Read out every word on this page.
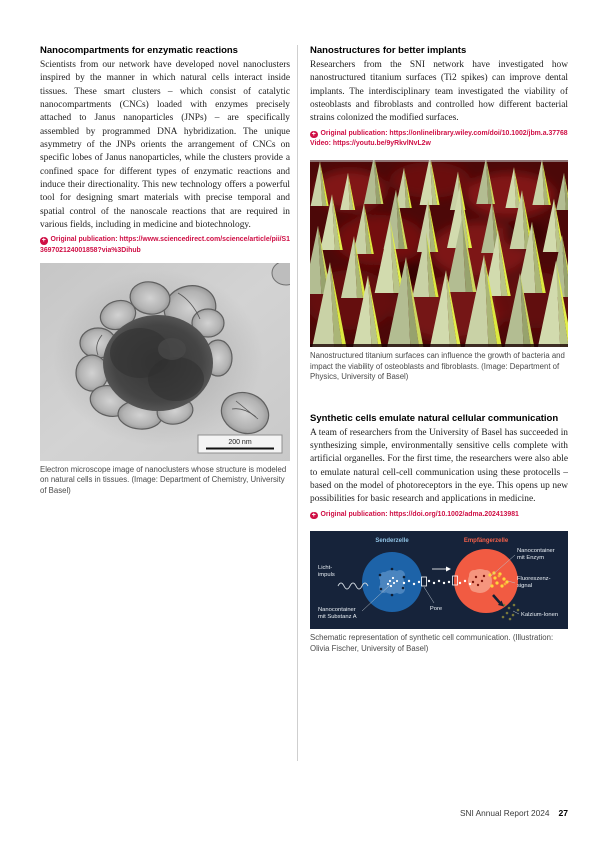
Nanocompartments for enzymatic reactions

Scientists from our network have developed novel nanoclusters inspired by the manner in which natural cells interact inside tissues. These smart clusters – which consist of catalytic nanocompartments (CNCs) loaded with enzymes precisely attached to Janus nanoparticles (JNPs) – are specifically assembled by programmed DNA hybridization. The unique asymmetry of the JNPs orients the arrangement of CNCs on specific lobes of Janus nanoparticles, while the clusters provide a confined space for different types of enzymatic reactions and induce their directionality. This new technology offers a powerful tool for designing smart materials with precise temporal and spatial control of the nanoscale reactions that are required in various fields, including in medicine and biotechnology.

+ Original publication: https://www.sciencedirect.com/science/article/pii/S1369702124001858?via%3Dihub
200 nm
Electron microscope image of nanoclusters whose structure is modeled on natural cells in tissues. (Image: Department of Chemistry, University of Basel)
Nanostructures for better implants

Researchers from the SNI network have investigated how nanostructured titanium surfaces (Ti2 spikes) can improve dental implants. The interdisciplinary team investigated the viability of osteoblasts and fibroblasts and controlled how different bacterial strains colonized the modified surfaces.

+ Original publication: https://onlinelibrary.wiley.com/doi/10.1002/jbm.a.37768
Video: https://youtu.be/9yRkvlNvL2w
Nanostructured titanium surfaces can influence the growth of bacteria and impact the viability of osteoblasts and fibroblasts. (Image: Department of Physics, University of Basel)
Synthetic cells emulate natural cellular communication

A team of researchers from the University of Basel has succeeded in synthesizing simple, environmentally sensitive cells complete with artificial organelles. For the first time, the researchers were also able to emulate natural cell-cell communication using these protocells – based on the model of photoreceptors in the eye. This opens up new possibilities for basic research and applications in medicine.

+ Original publication: https://doi.org/10.1002/adma.202413981
Senderzelle	Empfängerzelle
Licht-
impuls
Nanocontainer
mit Substanz A
Pore
Nanocontainer
mit Enzym
Fluoreszenz-
signal
Kalzium-Ionen
Schematic representation of synthetic cell communication. (Illustration: Olivia Fischer, University of Basel)
SNI Annual Report 2024 27
